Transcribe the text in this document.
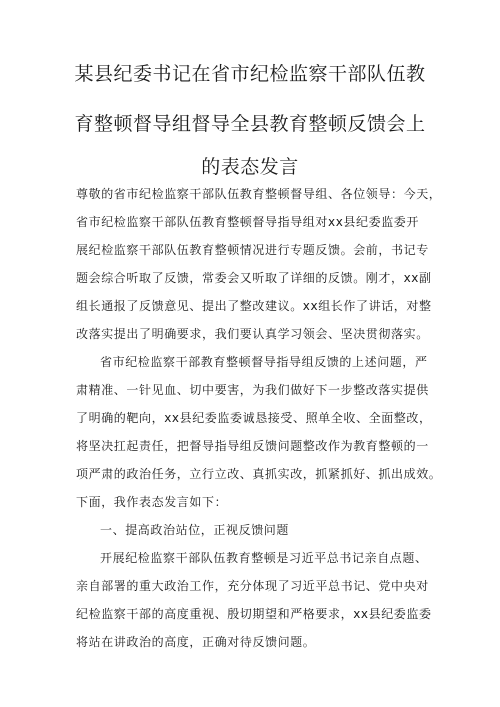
某县纪委书记在省市纪检监察干部队伍教
育整顿督导组督导全县教育整顿反馈会上
的表态发言
尊敬的省市纪检监察干部队伍教育整顿督导组、各位领导：今天，
省市纪检监察干部队伍教育整顿督导指导组对xx县纪委监委开
展纪检监察干部队伍教育整顿情况进行专题反馈。会前，书记专
题会综合听取了反馈，常委会又听取了详细的反馈。刚才，xx副
组长通报了反馈意见、提出了整改建议。xx组长作了讲话，对整
改落实提出了明确要求，我们要认真学习领会、坚决贯彻落实。
省市纪检监察干部教育整顿督导指导组反馈的上述问题，严
肃精准、一针见血、切中要害，为我们做好下一步整改落实提供
了明确的靶向，xx县纪委监委诚恳接受、照单全收、全面整改，
将坚决扛起责任，把督导指导组反馈问题整改作为教育整顿的一
项严肃的政治任务，立行立改、真抓实改，抓紧抓好、抓出成效。
下面，我作表态发言如下：
一、提高政治站位，正视反馈问题
开展纪检监察干部队伍教育整顿是习近平总书记亲自点题、
亲自部署的重大政治工作，充分体现了习近平总书记、党中央对
纪检监察干部的高度重视、殷切期望和严格要求，xx县纪委监委
将站在讲政治的高度，正确对待反馈问题。
